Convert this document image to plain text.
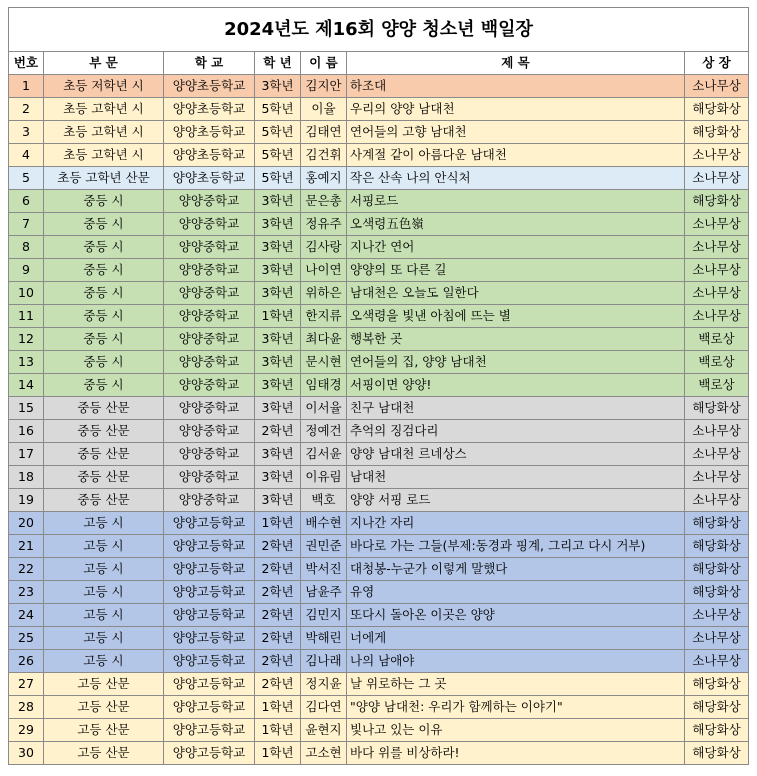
2024년도 제16회 양양 청소년 백일장						
번호	부 문	학 교	학 년	이 름	제 목	상 장
1	초등 저학년 시	양양초등학교	3학년	김지안	하조대	소나무상
2	초등 고학년 시	양양초등학교	5학년	이율	우리의 양양 남대천	해당화상
3	초등 고학년 시	양양초등학교	5학년	김태연	연어들의 고향 남대천	해당화상
4	초등 고학년 시	양양초등학교	5학년	김건휘	사계절 같이 아름다운 남대천	소나무상
5	초등 고학년 산문	양양초등학교	5학년	홍예지	작은 산속 나의 안식처	소나무상
6	중등 시	양양중학교	3학년	문은총	서핑로드	해당화상
7	중등 시	양양중학교	3학년	정유주	오색령五色嶺	소나무상
8	중등 시	양양중학교	3학년	김사랑	지나간 연어	소나무상
9	중등 시	양양중학교	3학년	나이연	양양의 또 다른 길	소나무상
10	중등 시	양양중학교	3학년	위하은	남대천은 오늘도 일한다	소나무상
11	중등 시	양양중학교	1학년	한지류	오색령을 빛낸 아침에 뜨는 별	소나무상
12	중등 시	양양중학교	3학년	최다윤	행복한 곳	백로상
13	중등 시	양양중학교	3학년	문시현	연어들의 집, 양양 남대천	백로상
14	중등 시	양양중학교	3학년	임태경	서핑이면 양양!	백로상
15	중등 산문	양양중학교	3학년	이서율	친구 남대천	해당화상
16	중등 산문	양양중학교	2학년	정예건	추억의 징검다리	소나무상
17	중등 산문	양양중학교	3학년	김서윤	양양 남대천 르네상스	소나무상
18	중등 산문	양양중학교	3학년	이유림	남대천	소나무상
19	중등 산문	양양중학교	3학년	백호	양양 서핑 로드	소나무상
20	고등 시	양양고등학교	1학년	배수현	지나간 자리	해당화상
21	고등 시	양양고등학교	2학년	권민준	바다로 가는 그들(부제:동경과 핑계, 그리고 다시 거부)	해당화상
22	고등 시	양양고등학교	2학년	박서진	대청봉-누군가 이렇게 말했다	해당화상
23	고등 시	양양고등학교	2학년	남윤주	유영	해당화상
24	고등 시	양양고등학교	2학년	김민지	또다시 돌아온 이곳은 양양	소나무상
25	고등 시	양양고등학교	2학년	박해린	너에게	소나무상
26	고등 시	양양고등학교	2학년	김나래	나의 남애야	소나무상
27	고등 산문	양양고등학교	2학년	정지윤	날 위로하는 그 곳	해당화상
28	고등 산문	양양고등학교	1학년	김다연	"양양 남대천: 우리가 함께하는 이야기"	해당화상
29	고등 산문	양양고등학교	1학년	윤현지	빛나고 있는 이유	해당화상
30	고등 산문	양양고등학교	1학년	고소현	바다 위를 비상하라!	해당화상
